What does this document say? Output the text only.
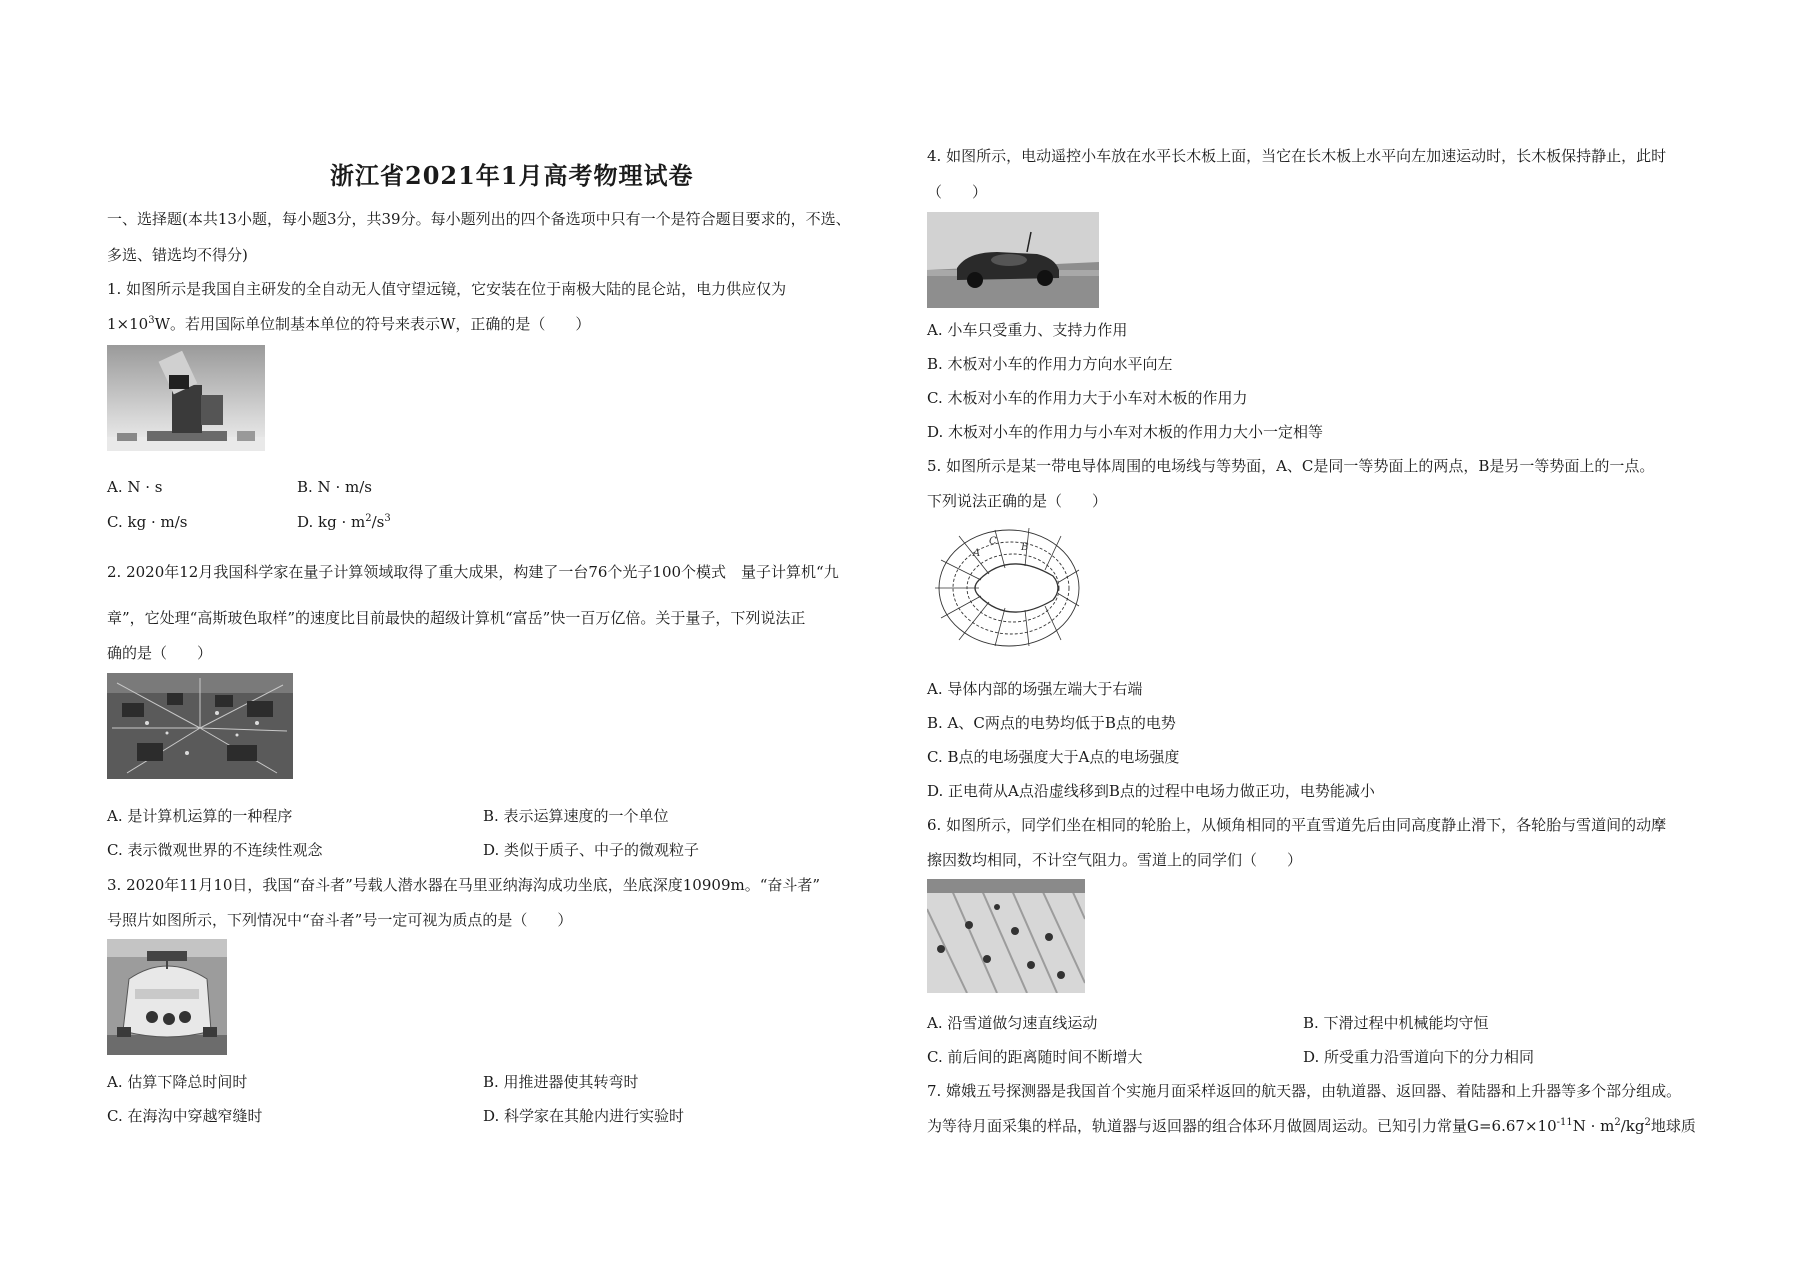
浙江省2021年1月高考物理试卷
一、选择题(本共13小题，每小题3分，共39分。每小题列出的四个备选项中只有一个是符合题目要求的，不选、
多选、错选均不得分)
1. 如图所示是我国自主研发的全自动无人值守望远镜，它安装在位于南极大陆的昆仑站，电力供应仅为
$1\times 10^3W$。若用国际单位制基本单位的符号来表示W，正确的是（　　）
A. N · s	B. N · m/s
C. kg · m/s	D. kg · $m^2/s^3$
2. 2020年12月我国科学家在量子计算领域取得了重大成果，构建了一台76个光子100个模式　量子计算机“九
章”，它处理“高斯玻色取样”的速度比目前最快的超级计算机“富岳”快一百万亿倍。关于量子，下列说法正
确的是（　　）
A. 是计算机运算的一种程序	B. 表示运算速度的一个单位
C. 表示微观世界的不连续性观念	D. 类似于质子、中子的微观粒子
3. 2020年11月10日，我国“奋斗者”号载人潜水器在马里亚纳海沟成功坐底，坐底深度10909m。“奋斗者”
号照片如图所示，下列情况中“奋斗者”号一定可视为质点的是（　　）
A. 估算下降总时间时	B. 用推进器使其转弯时
C. 在海沟中穿越窄缝时	D. 科学家在其舱内进行实验时
4. 如图所示，电动遥控小车放在水平长木板上面，当它在长木板上水平向左加速运动时，长木板保持静止，此时
（　　）
A. 小车只受重力、支持力作用
B. 木板对小车的作用力方向水平向左
C. 木板对小车的作用力大于小车对木板的作用力
D. 木板对小车的作用力与小车对木板的作用力大小一定相等
5. 如图所示是某一带电导体周围的电场线与等势面，A、C是同一等势面上的两点，B是另一等势面上的一点。
下列说法正确的是（　　）
A
B
C
A. 导体内部的场强左端大于右端
B. A、C两点的电势均低于B点的电势
C. B点的电场强度大于A点的电场强度
D. 正电荷从A点沿虚线移到B点的过程中电场力做正功，电势能减小
6. 如图所示，同学们坐在相同的轮胎上，从倾角相同的平直雪道先后由同高度静止滑下，各轮胎与雪道间的动摩
擦因数均相同，不计空气阻力。雪道上的同学们（　　）
A. 沿雪道做匀速直线运动	B. 下滑过程中机械能均守恒
C. 前后间的距离随时间不断增大	D. 所受重力沿雪道向下的分力相同
7. 嫦娥五号探测器是我国首个实施月面采样返回的航天器，由轨道器、返回器、着陆器和上升器等多个部分组成。
为等待月面采集的样品，轨道器与返回器的组合体环月做圆周运动。已知引力常量$G=6.67\times 10^{-11}N \cdot m^2/kg^2$地球质
